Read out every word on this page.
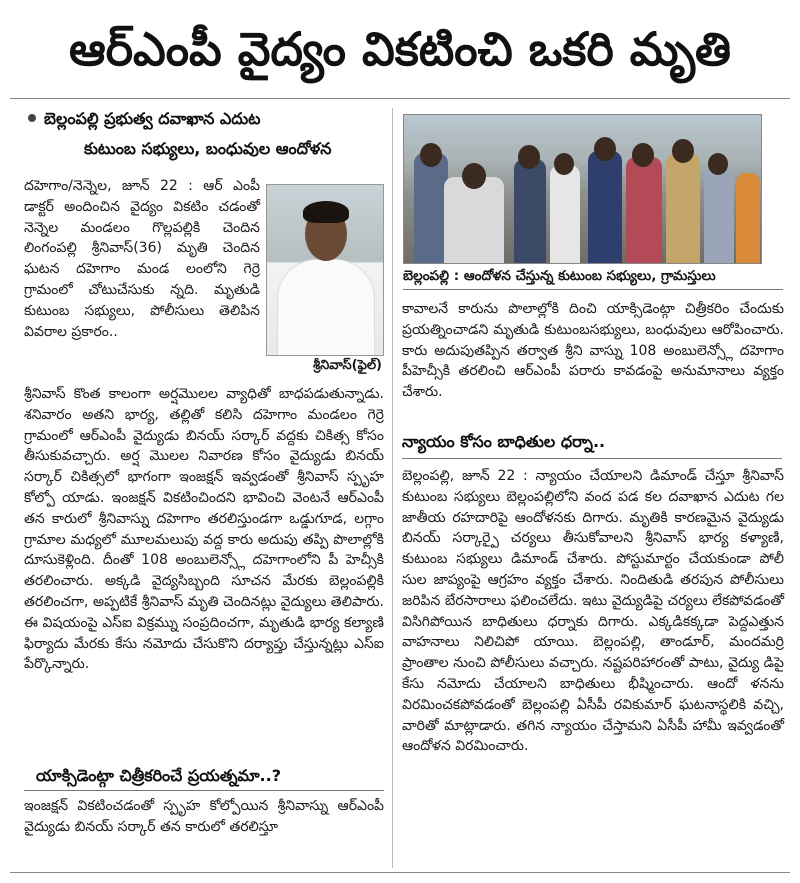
ఆర్ఎంపీ వైద్యం వికటించి ఒకరి మృతి
బెల్లంపల్లి ప్రభుత్వ దవాఖాన ఎదుట
కుటుంబ సభ్యులు, బంధువుల ఆందోళన
దహెగాం/నెన్నెల, జూన్ 22 : ఆర్ ఎంపీ డాక్టర్ అందించిన వైద్యం వికటిం చడంతో నెన్నెల మండలం గొల్లపల్లికి చెందిన లింగంపల్లి శ్రీనివాస్(36) మృతి చెందిన ఘటన దహెగాం మండ లంలోని గెర్రె గ్రామంలో చోటుచేసుకు న్నది. మృతుడి కుటుంబ సభ్యులు, పోలీసులు తెలిపిన వివరాల ప్రకారం..
శ్రీనివాస్(ఫైల్)
శ్రీనివాస్ కొంత కాలంగా అర్షమొలల వ్యాధితో బాధపడుతున్నాడు. శనివారం అతని భార్య, తల్లితో కలిసి దహెగాం మండలం గెర్రె గ్రామంలో ఆర్ఎంపీ వైద్యుడు బినయ్ సర్కార్ వద్దకు చికిత్స కోసం తీసుకువచ్చారు. అర్ష మొలల నివారణ కోసం వైద్యుడు బినయ్ సర్కార్ చికిత్సలో భాగంగా ఇంజక్షన్ ఇవ్వడంతో శ్రీనివాస్ స్పృహ కోల్పో యాడు. ఇంజక్షన్ వికటించిందని భావించి వెంటనే ఆర్ఎంపీ తన కారులో శ్రీనివాస్ను దహెగాం తరలిస్తుండగా ఒడ్డుగూడ, లగ్గాం గ్రామాల మధ్యలో మూలమలుపు వద్ద కారు అదుపు తప్పి పొలాల్లోకి దూసుకెళ్లింది. దీంతో 108 అంబులెన్స్లో దహెగాంలోని పీ హెచ్సీకి తరలించారు. అక్కడి వైద్యసిబ్బంది సూచన మేరకు బెల్లంపల్లికి తరలించగా, అప్పటికే శ్రీనివాస్ మృతి చెందినట్లు వైద్యులు తెలిపారు. ఈ విషయంపై ఎస్ఐ విక్రమ్ను సంప్రదించగా, మృతుడి భార్య కల్యాణి ఫిర్యాదు మేరకు కేసు నమోదు చేసుకొని దర్యాప్తు చేస్తున్నట్లు ఎస్ఐ పేర్కొన్నారు.
యాక్సిడెంట్గా చిత్రీకరించే ప్రయత్నమా..?
ఇంజక్షన్ వికటించడంతో స్పృహ కోల్పోయిన శ్రీనివాస్ను ఆర్ఎంపీ వైద్యుడు బినయ్ సర్కార్ తన కారులో తరలిస్తూ
బెల్లంపల్లి : ఆందోళన చేస్తున్న కుటుంబ సభ్యులు, గ్రామస్తులు
కావాలనే కారును పొలాల్లోకి దించి యాక్సిడెంట్గా చిత్రీకరిం చేందుకు ప్రయత్నించాడని మృతుడి కుటుంబసభ్యులు, బంధువులు ఆరోపించారు. కారు అదుపుతప్పిన తర్వాత శ్రీని వాస్ను 108 అంబులెన్స్లో దహెగాం పీహెచ్సీకి తరలించి ఆర్ఎంపీ పరారు కావడంపై అనుమానాలు వ్యక్తం చేశారు.
న్యాయం కోసం బాధితుల ధర్నా..
బెల్లంపల్లి, జూన్ 22 : న్యాయం చేయాలని డిమాండ్ చేస్తూ శ్రీనివాస్ కుటుంబ సభ్యులు బెల్లంపల్లిలోని వంద పడ కల దవాఖాన ఎదుట గల జాతీయ రహదారిపై ఆందోళనకు దిగారు. మృతికి కారణమైన వైద్యుడు బినయ్ సర్కార్పై చర్యలు తీసుకోవాలని శ్రీనివాస్ భార్య కళ్యాణి, కుటుంబ సభ్యులు డిమాండ్ చేశారు. పోస్టుమార్టం చేయకుండా పోలీ సుల జాప్యంపై ఆగ్రహం వ్యక్తం చేశారు. నిందితుడి తరపున పోలీసులు జరిపిన బేరసారాలు ఫలించలేదు. ఇటు వైద్యుడిపై చర్యలు లేకపోవడంతో విసిగిపోయిన బాధితులు ధర్నాకు దిగారు. ఎక్కడికక్కడా పెద్దఎత్తున వాహనాలు నిలిచిపో యాయి. బెల్లంపల్లి, తాండూర్, మందమర్రి ప్రాంతాల నుంచి పోలీసులు వచ్చారు. నష్టపరిహారంతో పాటు, వైద్యు డిపై కేసు నమోదు చేయాలని బాధితులు భీష్మించారు. ఆందో ళనను విరమించకపోవడంతో బెల్లంపల్లి ఏసీపీ రవికుమార్ ఘటనాస్థలికి వచ్చి, వారితో మాట్లాడారు. తగిన న్యాయం చేస్తామని ఏసీపీ హామీ ఇవ్వడంతో ఆందోళన విరమించారు.
